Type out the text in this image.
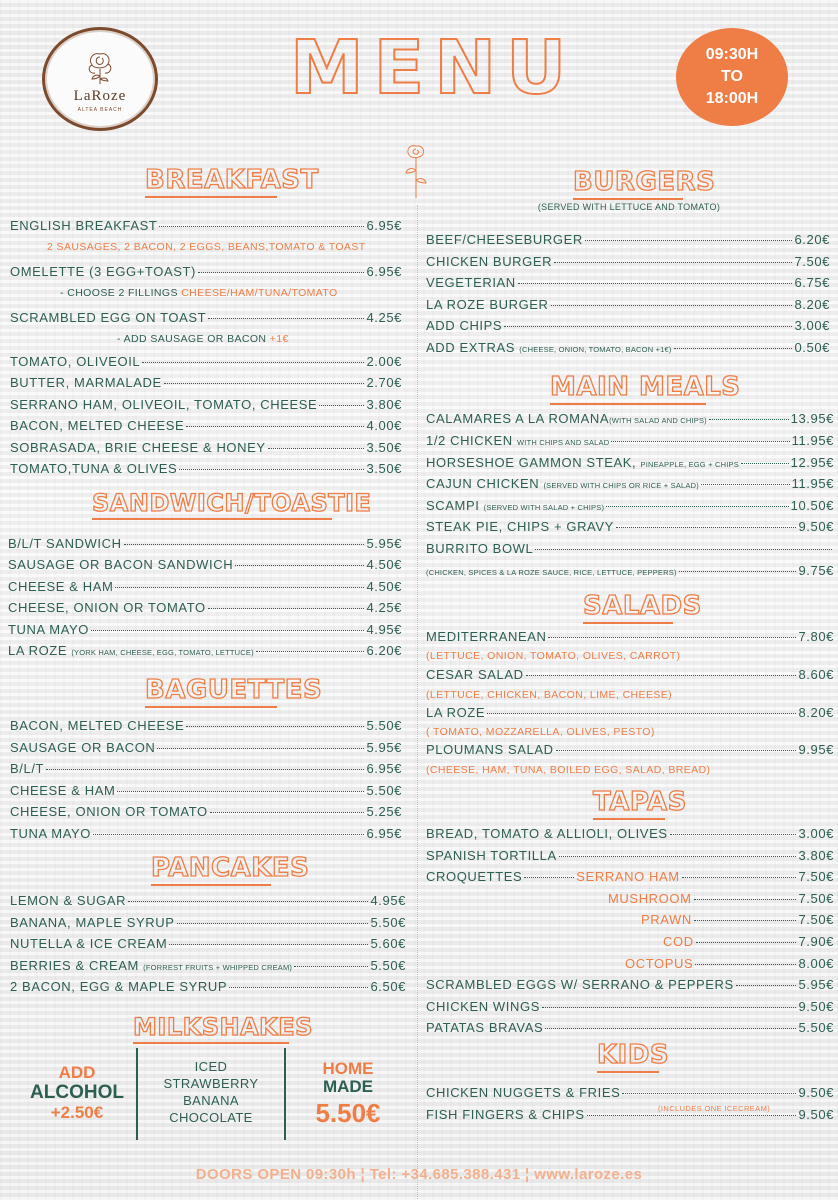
LaRoze
ALTEA BEACH MENU	09:30H
TO
18:00H
BREAKFAST
ENGLISH BREAKFAST	6.95€
2 SAUSAGES, 2 BACON, 2 EGGS, BEANS,TOMATO & TOAST
OMELETTE (3 EGG+TOAST)	6.95€
- CHOOSE 2 FILLINGS CHEESE/HAM/TUNA/TOMATO
SCRAMBLED EGG ON TOAST	4.25€
- ADD SAUSAGE OR BACON +1€
TOMATO, OLIVEOIL	2.00€
BUTTER, MARMALADE	2.70€
SERRANO HAM, OLIVEOIL, TOMATO, CHEESE	3.80€
BACON, MELTED CHEESE	4.00€
SOBRASADA, BRIE CHEESE & HONEY	3.50€
TOMATO,TUNA & OLIVES	3.50€
SANDWICH/TOASTIE
B/L/T SANDWICH	5.95€
SAUSAGE OR BACON SANDWICH	4.50€
CHEESE & HAM	4.50€
CHEESE, ONION OR TOMATO	4.25€
TUNA MAYO	4.95€
LA ROZE (YORK HAM, CHEESE, EGG, TOMATO, LETTUCE)	6.20€
BAGUETTES
BACON, MELTED CHEESE	5.50€
SAUSAGE OR BACON	5.95€
B/L/T	6.95€
CHEESE & HAM	5.50€
CHEESE, ONION OR TOMATO	5.25€
TUNA MAYO	6.95€
PANCAKES
LEMON & SUGAR	4.95€
BANANA, MAPLE SYRUP	5.50€
NUTELLA & ICE CREAM	5.60€
BERRIES & CREAM (FORREST FRUITS + WHIPPED CREAM)	5.50€
2 BACON, EGG & MAPLE SYRUP	6.50€
MILKSHAKES
ADD
ALCOHOL
+2.50€
ICED
STRAWBERRY
BANANA
CHOCOLATE
HOME
MADE
5.50€
BURGERS
(SERVED WITH LETTUCE AND TOMATO)
BEEF/CHEESEBURGER	6.20€
CHICKEN BURGER	7.50€
VEGETERIAN	6.75€
LA ROZE BURGER	8.20€
ADD CHIPS	3.00€
ADD EXTRAS (CHEESE, ONION, TOMATO, BACON +1€)	0.50€
MAIN MEALS
CALAMARES A LA ROMANA(WITH SALAD AND CHIPS)	13.95€
1/2 CHICKEN WITH CHIPS AND SALAD	11.95€
HORSESHOE GAMMON STEAK, PINEAPPLE, EGG + CHIPS	12.95€
CAJUN CHICKEN (SERVED WITH CHIPS OR RICE + SALAD)	11.95€
SCAMPI (SERVED WITH SALAD + CHIPS)	10.50€
STEAK PIE, CHIPS + GRAVY	9.50€
BURRITO BOWL
(CHICKEN, SPICES & LA ROZE SAUCE, RICE, LETTUCE, PEPPERS)	9.75€
SALADS
MEDITERRANEAN	7.80€
(LETTUCE, ONION, TOMATO, OLIVES, CARROT)
CESAR SALAD	8.60€
(LETTUCE, CHICKEN, BACON, LIME, CHEESE)
LA ROZE	8.20€
( TOMATO, MOZZARELLA, OLIVES, PESTO)
PLOUMANS SALAD	9.95€
(CHEESE, HAM, TUNA, BOILED EGG, SALAD, BREAD)
TAPAS
BREAD, TOMATO & ALLIOLI, OLIVES	3.00€
SPANISH TORTILLA	3.80€
CROQUETTES	SERRANO HAM	7.50€
MUSHROOM	7.50€
PRAWN	7.50€
COD	7.90€
OCTOPUS	8.00€
SCRAMBLED EGGS W/ SERRANO & PEPPERS	5.95€
CHICKEN WINGS	9.50€
PATATAS BRAVAS	5.50€
KIDS
CHICKEN NUGGETS & FRIES	9.50€
(INCLUDES ONE ICECREAM)
FISH FINGERS & CHIPS	9.50€
DOORS OPEN 09:30h ¦ Tel: +34.685.388.431 ¦ www.laroze.es
